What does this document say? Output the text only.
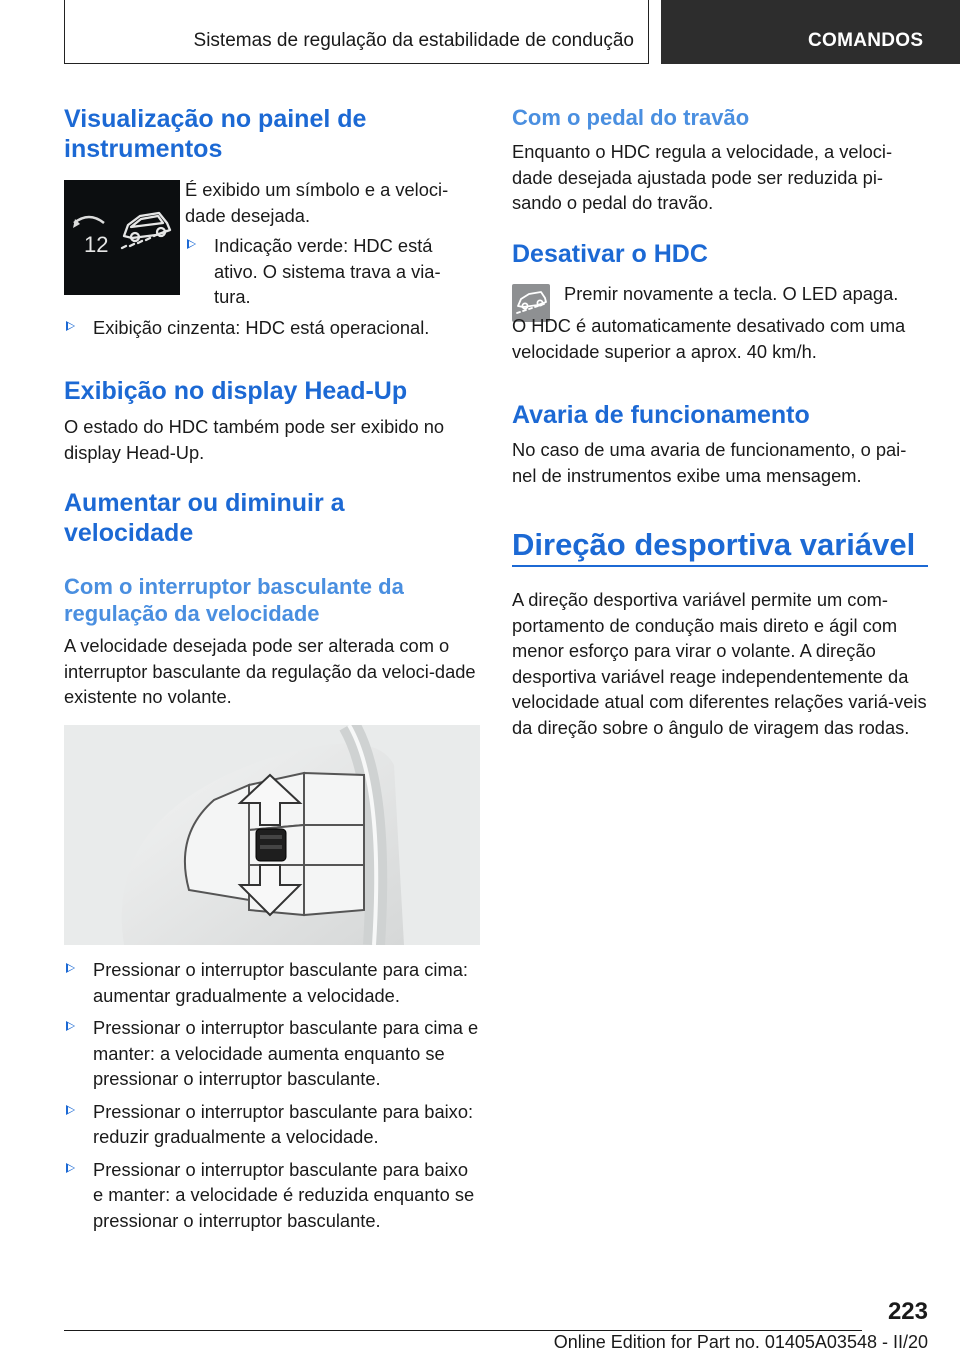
Sistemas de regulação da estabilidade de condução	COMANDOS
Visualização no painel de instrumentos
12

É exibido um símbolo e a veloci‐dade desejada.

Indicação verde: HDC está ativo. O sistema trava a via‐tura.
Exibição cinzenta: HDC está operacional.
Exibição no display Head-Up

O estado do HDC também pode ser exibido no display Head-Up.

Aumentar ou diminuir a velocidade
Com o interruptor basculante da regulação da velocidade

A velocidade desejada pode ser alterada com o interruptor basculante da regulação da veloci‐dade existente no volante.

Pressionar o interruptor basculante para cima: aumentar gradualmente a velocidade.
Pressionar o interruptor basculante para cima e manter: a velocidade aumenta enquanto se pressionar o interruptor basculante.
Pressionar o interruptor basculante para baixo: reduzir gradualmente a velocidade.
Pressionar o interruptor basculante para baixo e manter: a velocidade é reduzida enquanto se pressionar o interruptor basculante.
Com o pedal do travão

Enquanto o HDC regula a velocidade, a veloci‐dade desejada ajustada pode ser reduzida pi‐sando o pedal do travão.

Desativar o HDC

Premir novamente a tecla. O LED apaga.

O HDC é automaticamente desativado com uma velocidade superior a aprox. 40 km/h.

Avaria de funcionamento

No caso de uma avaria de funcionamento, o pai‐nel de instrumentos exibe uma mensagem.

Direção desportiva variável

A direção desportiva variável permite um com‐portamento de condução mais direto e ágil com menor esforço para virar o volante. A direção desportiva variável reage independentemente da velocidade atual com diferentes relações variá‐veis da direção sobre o ângulo de viragem das rodas.

223
Online Edition for Part no. 01405A03548 - II/20
